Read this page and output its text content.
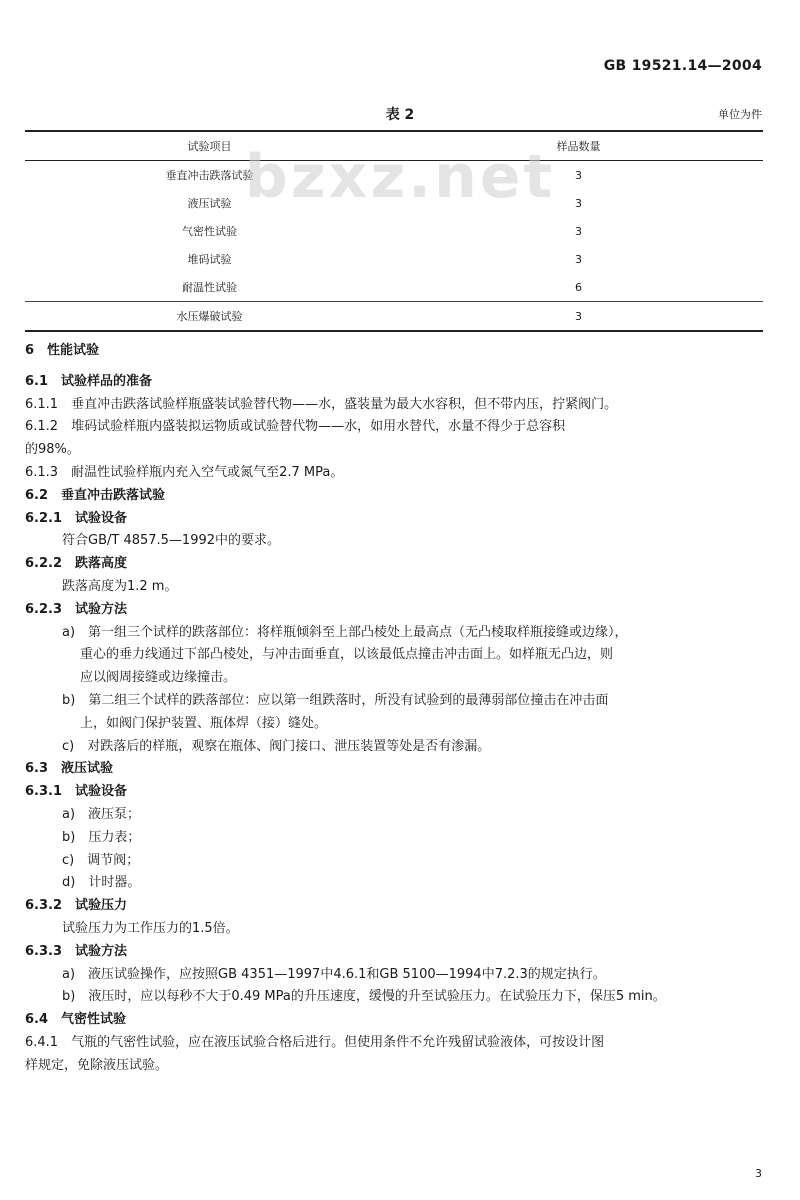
GB 19521.14—2004
表 2	单位为件
试验项目	样品数量
垂直冲击跌落试验	3
液压试验	3
气密性试验	3
堆码试验	3
耐温性试验	6
水压爆破试验	3
bzxz.net
6　性能试验
6.1　试验样品的准备
6.1.1　垂直冲击跌落试验样瓶盛装试验替代物——水，盛装量为最大水容积，但不带内压，拧紧阀门。
6.1.2　堆码试验样瓶内盛装拟运物质或试验替代物——水，如用水替代，水量不得少于总容积
的98%。
6.1.3　耐温性试验样瓶内充入空气或氮气至2.7 MPa。
6.2　垂直冲击跌落试验
6.2.1　试验设备
符合GB/T 4857.5—1992中的要求。
6.2.2　跌落高度
跌落高度为1.2 m。
6.2.3　试验方法
a)　第一组三个试样的跌落部位：将样瓶倾斜至上部凸棱处上最高点（无凸棱取样瓶接缝或边缘），
重心的垂力线通过下部凸棱处，与冲击面垂直，以该最低点撞击冲击面上。如样瓶无凸边，则
应以阀周接缝或边缘撞击。
b)　第二组三个试样的跌落部位：应以第一组跌落时，所没有试验到的最薄弱部位撞击在冲击面
上，如阀门保护装置、瓶体焊（接）缝处。
c)　对跌落后的样瓶，观察在瓶体、阀门接口、泄压装置等处是否有渗漏。
6.3　液压试验
6.3.1　试验设备
a)　液压泵；
b)　压力表；
c)　调节阀；
d)　计时器。
6.3.2　试验压力
试验压力为工作压力的1.5倍。
6.3.3　试验方法
a)　液压试验操作，应按照GB 4351—1997中4.6.1和GB 5100—1994中7.2.3的规定执行。
b)　液压时，应以每秒不大于0.49 MPa的升压速度，缓慢的升至试验压力。在试验压力下，保压5 min。
6.4　气密性试验
6.4.1　气瓶的气密性试验，应在液压试验合格后进行。但使用条件不允许残留试验液体，可按设计图
样规定，免除液压试验。
3
